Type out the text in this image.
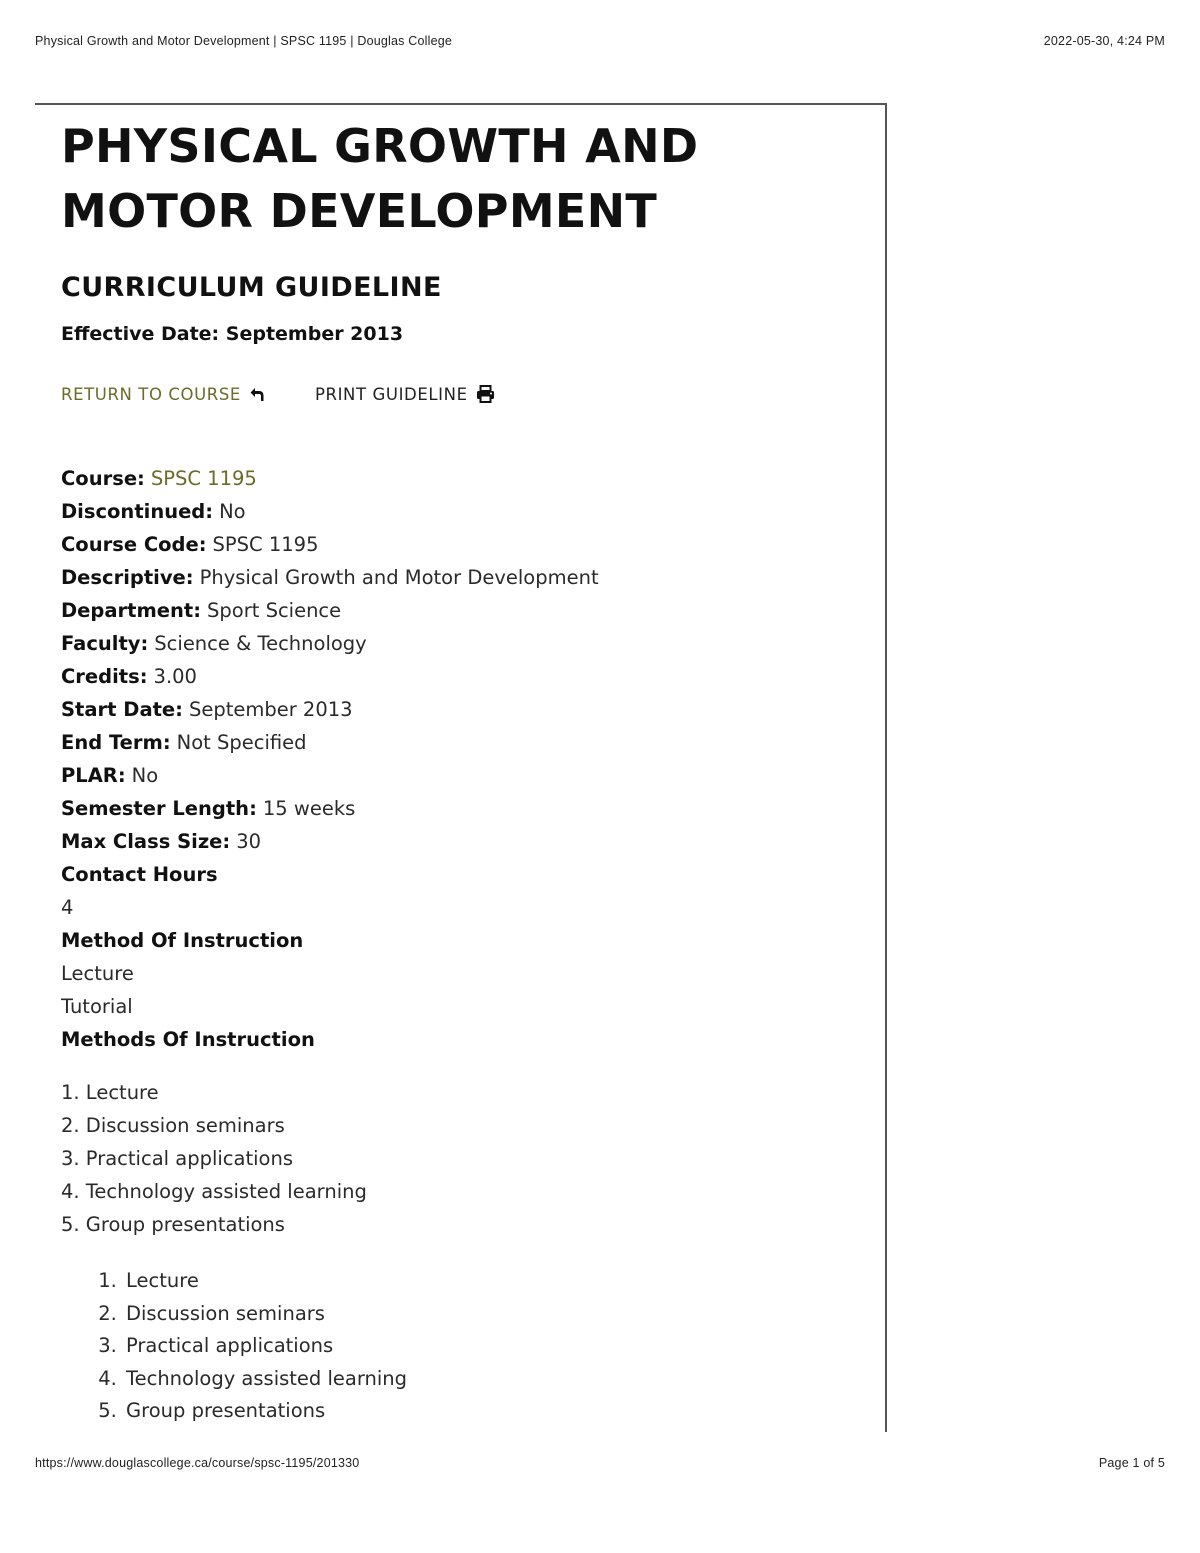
Physical Growth and Motor Development | SPSC 1195 | Douglas College	2022-05-30, 4:24 PM
PHYSICAL GROWTH AND
MOTOR DEVELOPMENT
CURRICULUM GUIDELINE
Effective Date: September 2013
RETURN TO COURSE	PRINT GUIDELINE
Course: SPSC 1195
Discontinued: No
Course Code: SPSC 1195
Descriptive: Physical Growth and Motor Development
Department: Sport Science
Faculty: Science & Technology
Credits: 3.00
Start Date: September 2013
End Term: Not Specified
PLAR: No
Semester Length: 15 weeks
Max Class Size: 30
Contact Hours
4
Method Of Instruction
Lecture
Tutorial
Methods Of Instruction
1. Lecture
2. Discussion seminars
3. Practical applications
4. Technology assisted learning
5. Group presentations
1. Lecture
2. Discussion seminars
3. Practical applications
4. Technology assisted learning
5. Group presentations
https://www.douglascollege.ca/course/spsc-1195/201330	Page 1 of 5
